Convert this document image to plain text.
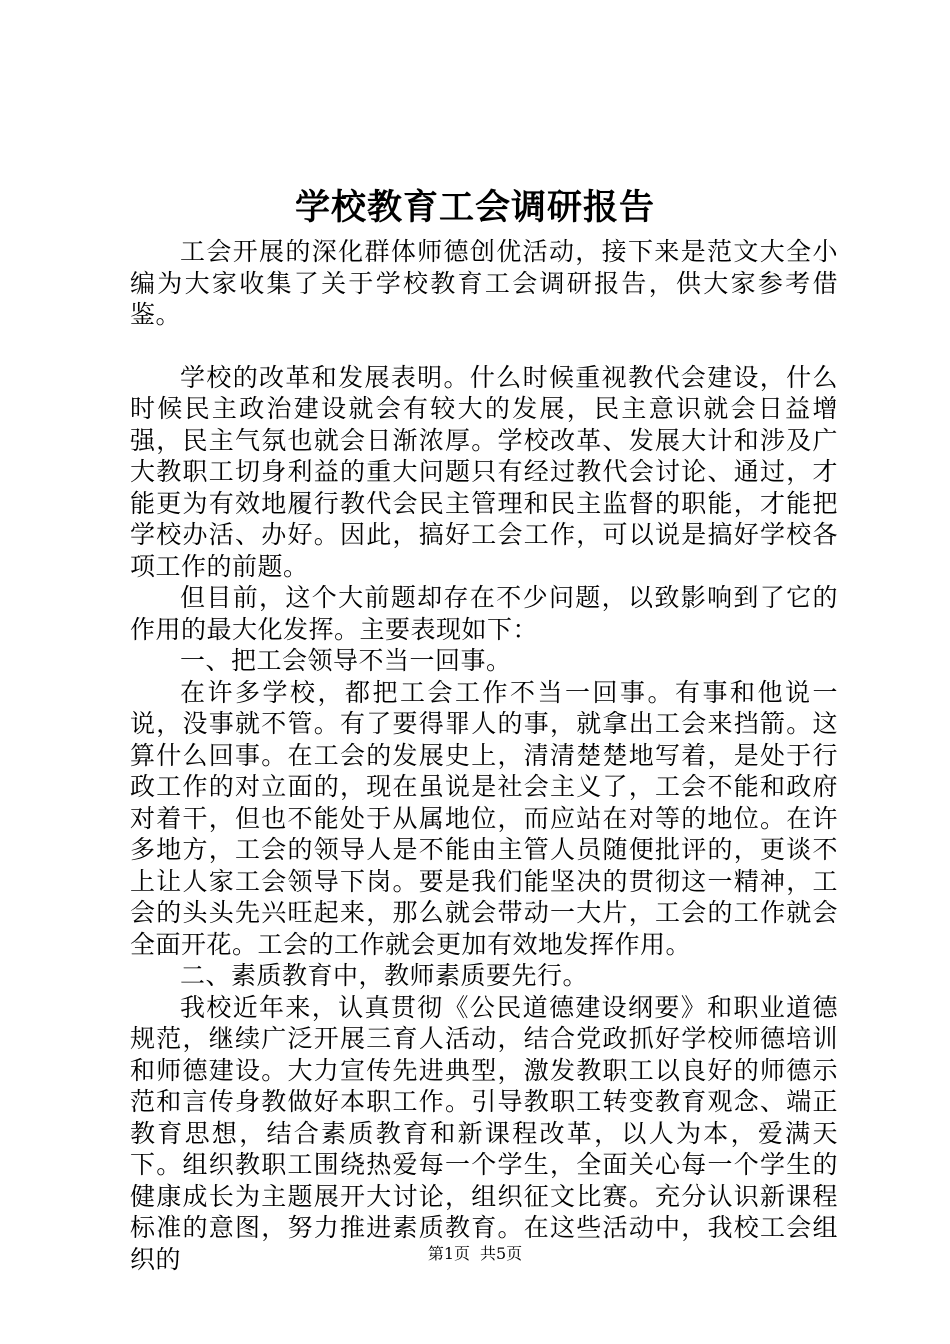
学校教育工会调研报告

工会开展的深化群体师德创优活动，接下来是范文大全小编为大家收集了关于学校教育工会调研报告，供大家参考借鉴。

学校的改革和发展表明。什么时候重视教代会建设，什么时候民主政治建设就会有较大的发展，民主意识就会日益增强，民主气氛也就会日渐浓厚。学校改革、发展大计和涉及广大教职工切身利益的重大问题只有经过教代会讨论、通过，才能更为有效地履行教代会民主管理和民主监督的职能，才能把学校办活、办好。因此，搞好工会工作，可以说是搞好学校各项工作的前题。

但目前，这个大前题却存在不少问题，以致影响到了它的作用的最大化发挥。主要表现如下：

一、把工会领导不当一回事。

在许多学校，都把工会工作不当一回事。有事和他说一说，没事就不管。有了要得罪人的事，就拿出工会来挡箭。这算什么回事。在工会的发展史上，清清楚楚地写着，是处于行政工作的对立面的，现在虽说是社会主义了，工会不能和政府对着干，但也不能处于从属地位，而应站在对等的地位。在许多地方，工会的领导人是不能由主管人员随便批评的，更谈不上让人家工会领导下岗。要是我们能坚决的贯彻这一精神，工会的头头先兴旺起来，那么就会带动一大片，工会的工作就会全面开花。工会的工作就会更加有效地发挥作用。

二、素质教育中，教师素质要先行。

我校近年来，认真贯彻《公民道德建设纲要》和职业道德规范，继续广泛开展三育人活动，结合党政抓好学校师德培训和师德建设。大力宣传先进典型，激发教职工以良好的师德示范和言传身教做好本职工作。引导教职工转变教育观念、端正教育思想，结合素质教育和新课程改革，以人为本，爱满天下。组织教职工围绕热爱每一个学生，全面关心每一个学生的健康成长为主题展开大讨论，组织征文比赛。充分认识新课程标准的意图，努力推进素质教育。在这些活动中，我校工会组织的	第1页 共5页
